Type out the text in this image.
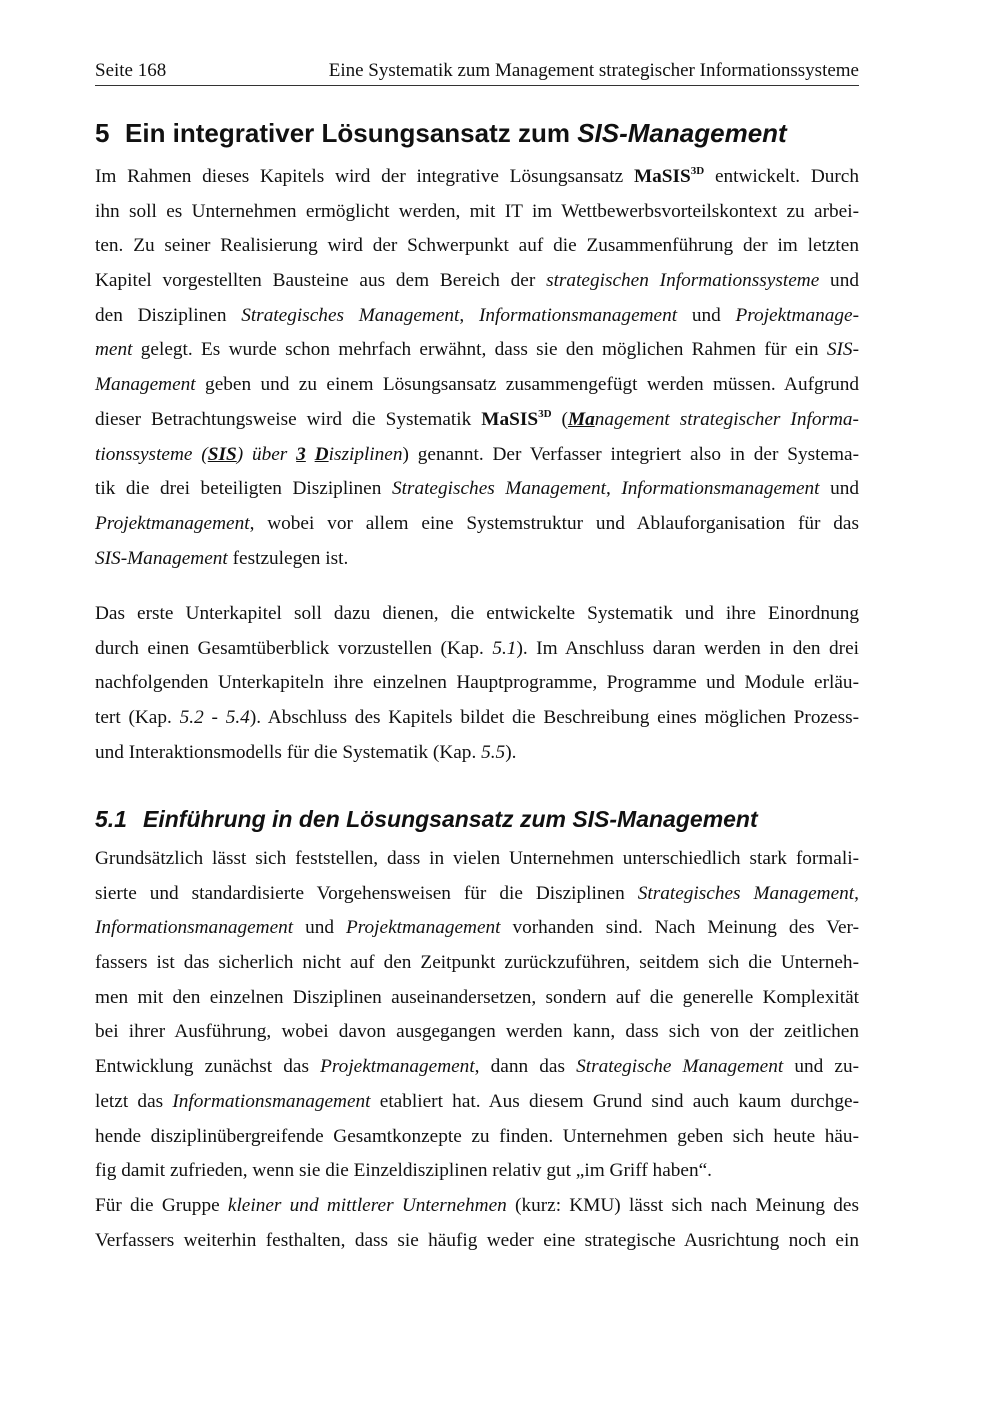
Seite 168	Eine Systematik zum Management strategischer Informationssysteme
5 Ein integrativer Lösungsansatz zum SIS-Management
Im Rahmen dieses Kapitels wird der integrative Lösungsansatz MaSIS$^{3D}$ entwickelt. Durch
ihn soll es Unternehmen ermöglicht werden, mit IT im Wettbewerbsvorteilskontext zu arbei-
ten. Zu seiner Realisierung wird der Schwerpunkt auf die Zusammenführung der im letzten
Kapitel vorgestellten Bausteine aus dem Bereich der strategischen Informationssysteme und
den Disziplinen Strategisches Management, Informationsmanagement und Projektmanage-
ment gelegt. Es wurde schon mehrfach erwähnt, dass sie den möglichen Rahmen für ein SIS-
Management geben und zu einem Lösungsansatz zusammengefügt werden müssen. Aufgrund
dieser Betrachtungsweise wird die Systematik MaSIS$^{3D}$ (Management strategischer Informa-
tionssysteme (SIS) über 3 Disziplinen) genannt. Der Verfasser integriert also in der Systema-
tik die drei beteiligten Disziplinen Strategisches Management, Informationsmanagement und
Projektmanagement, wobei vor allem eine Systemstruktur und Ablauforganisation für das
SIS-Management festzulegen ist.
Das erste Unterkapitel soll dazu dienen, die entwickelte Systematik und ihre Einordnung
durch einen Gesamtüberblick vorzustellen (Kap. 5.1). Im Anschluss daran werden in den drei
nachfolgenden Unterkapiteln ihre einzelnen Hauptprogramme, Programme und Module erläu-
tert (Kap. 5.2 - 5.4). Abschluss des Kapitels bildet die Beschreibung eines möglichen Prozess-
und Interaktionsmodells für die Systematik (Kap. 5.5).
5.1 Einführung in den Lösungsansatz zum SIS-Management
Grundsätzlich lässt sich feststellen, dass in vielen Unternehmen unterschiedlich stark formali-
sierte und standardisierte Vorgehensweisen für die Disziplinen Strategisches Management,
Informationsmanagement und Projektmanagement vorhanden sind. Nach Meinung des Ver-
fassers ist das sicherlich nicht auf den Zeitpunkt zurückzuführen, seitdem sich die Unterneh-
men mit den einzelnen Disziplinen auseinandersetzen, sondern auf die generelle Komplexität
bei ihrer Ausführung, wobei davon ausgegangen werden kann, dass sich von der zeitlichen
Entwicklung zunächst das Projektmanagement, dann das Strategische Management und zu-
letzt das Informationsmanagement etabliert hat. Aus diesem Grund sind auch kaum durchge-
hende disziplinübergreifende Gesamtkonzepte zu finden. Unternehmen geben sich heute häu-
fig damit zufrieden, wenn sie die Einzeldisziplinen relativ gut „im Griff haben“.
Für die Gruppe kleiner und mittlerer Unternehmen (kurz: KMU) lässt sich nach Meinung des
Verfassers weiterhin festhalten, dass sie häufig weder eine strategische Ausrichtung noch ein
